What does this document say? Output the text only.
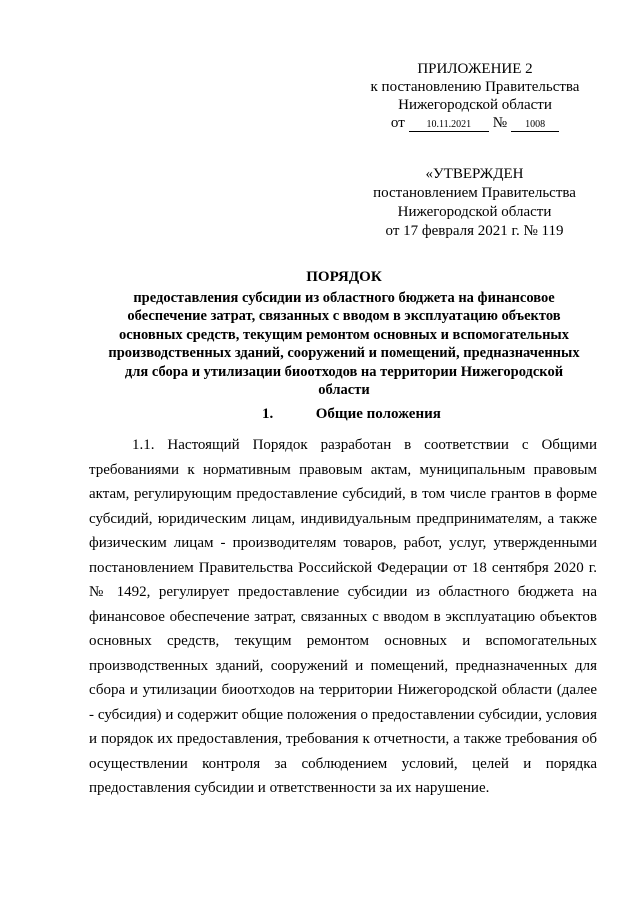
ПРИЛОЖЕНИЕ 2
к постановлению Правительства
Нижегородской области
от	10.11.2021	№	1008
«УТВЕРЖДЕН
постановлением Правительства
Нижегородской области
от 17 февраля 2021 г. № 119
ПОРЯДОК
предоставления субсидии из областного бюджета на финансовое обеспечение затрат, связанных с вводом в эксплуатацию объектов основных средств, текущим ремонтом основных и вспомогательных производственных зданий, сооружений и помещений, предназначенных для сбора и утилизации биоотходов на территории Нижегородской области
1.	Общие положения

1.1. Настоящий Порядок разработан в соответствии с Общими требованиями к нормативным правовым актам, муниципальным правовым актам, регулирующим предоставление субсидий, в том числе грантов в форме субсидий, юридическим лицам, индивидуальным предпринимателям, а также физическим лицам - производителям товаров, работ, услуг, утвержденными постановлением Правительства Российской Федерации от 18 сентября 2020 г. № 1492, регулирует предоставление субсидии из областного бюджета на финансовое обеспечение затрат, связанных с вводом в эксплуатацию объектов основных средств, текущим ремонтом основных и вспомогательных производственных зданий, сооружений и помещений, предназначенных для сбора и утилизации биоотходов на территории Нижегородской области (далее - субсидия) и содержит общие положения о предоставлении субсидии, условия и порядок их предоставления, требования к отчетности, а также требования об осуществлении контроля за соблюдением условий, целей и порядка предоставления субсидии и ответственности за их нарушение.
